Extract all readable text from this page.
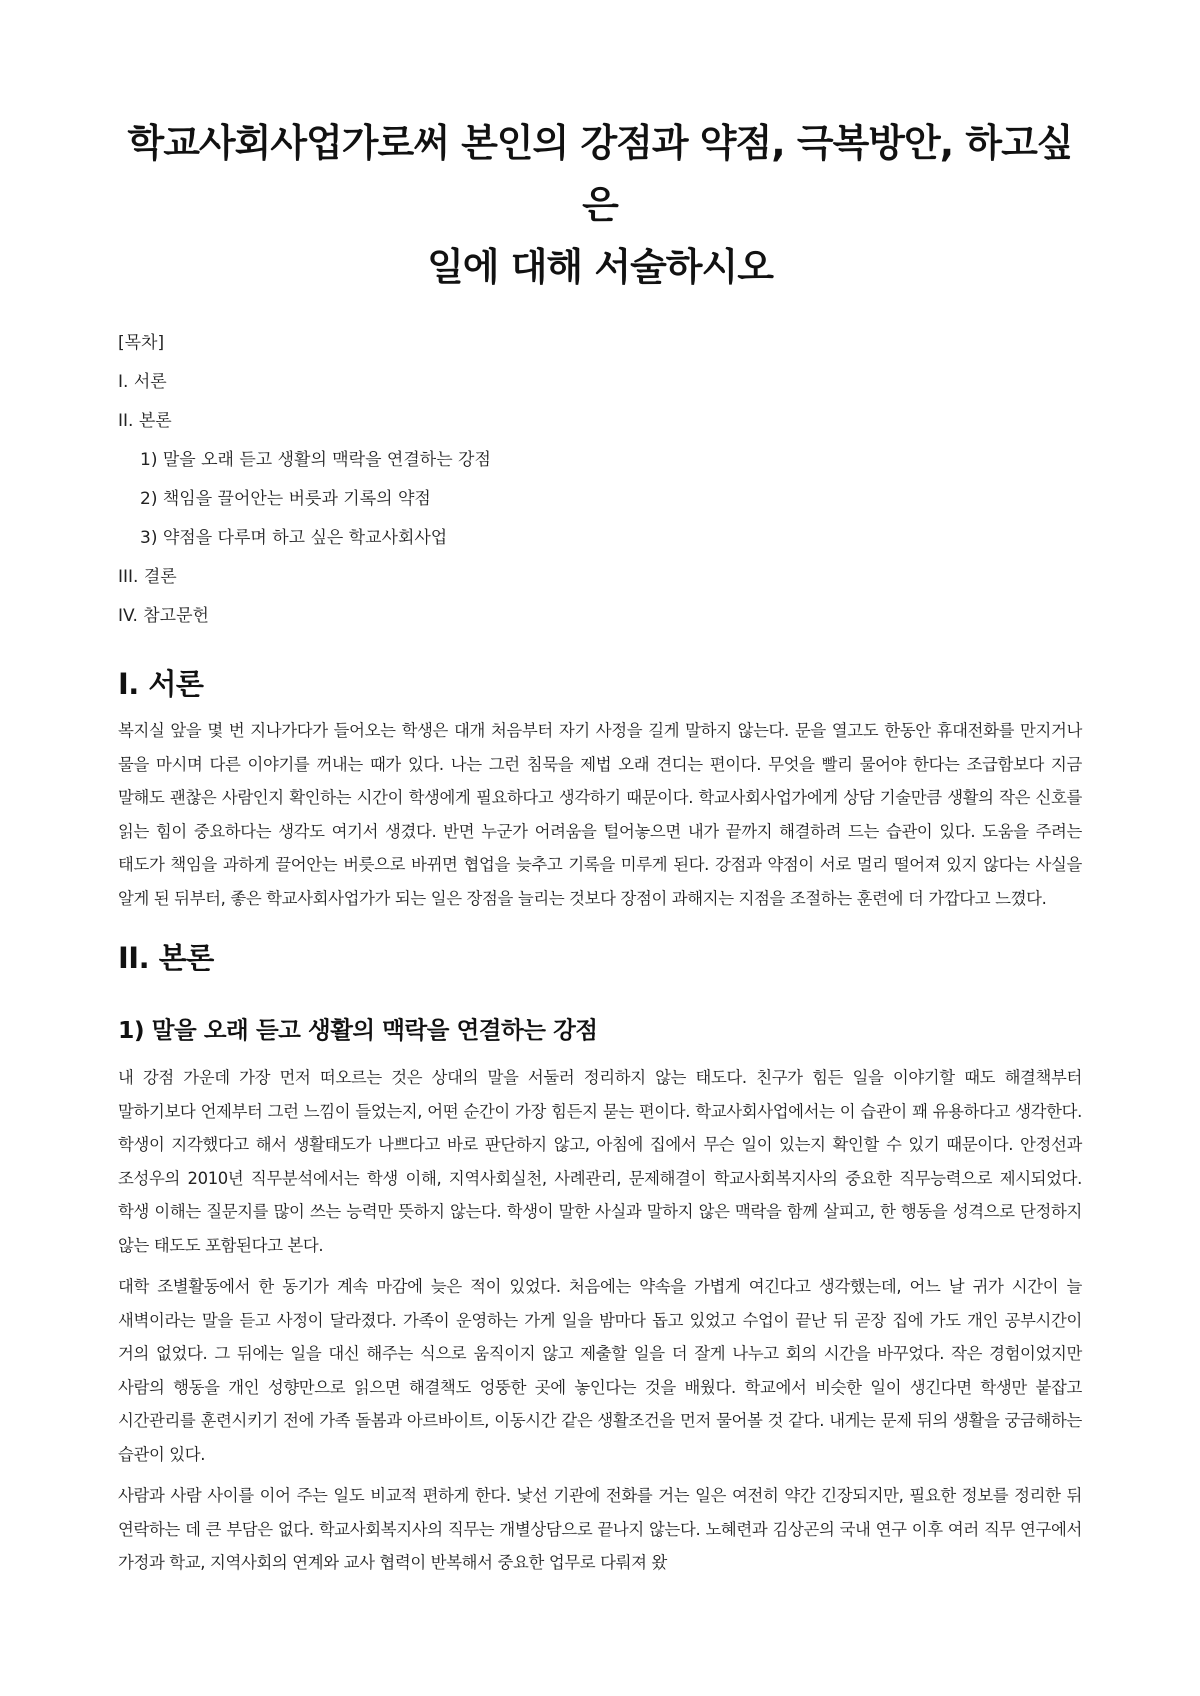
학교사회사업가로써 본인의 강점과 약점, 극복방안, 하고싶은
일에 대해 서술하시오
[목차]
I. 서론
II. 본론
1) 말을 오래 듣고 생활의 맥락을 연결하는 강점
2) 책임을 끌어안는 버릇과 기록의 약점
3) 약점을 다루며 하고 싶은 학교사회사업
III. 결론
IV. 참고문헌
I. 서론

복지실 앞을 몇 번 지나가다가 들어오는 학생은 대개 처음부터 자기 사정을 길게 말하지 않는다. 문을 열고도 한동안 휴대전화를 만지거나 물을 마시며 다른 이야기를 꺼내는 때가 있다. 나는 그런 침묵을 제법 오래 견디는 편이다. 무엇을 빨리 물어야 한다는 조급함보다 지금 말해도 괜찮은 사람인지 확인하는 시간이 학생에게 필요하다고 생각하기 때문이다. 학교사회사업가에게 상담 기술만큼 생활의 작은 신호를 읽는 힘이 중요하다는 생각도 여기서 생겼다. 반면 누군가 어려움을 털어놓으면 내가 끝까지 해결하려 드는 습관이 있다. 도움을 주려는 태도가 책임을 과하게 끌어안는 버릇으로 바뀌면 협업을 늦추고 기록을 미루게 된다. 강점과 약점이 서로 멀리 떨어져 있지 않다는 사실을 알게 된 뒤부터, 좋은 학교사회사업가가 되는 일은 장점을 늘리는 것보다 장점이 과해지는 지점을 조절하는 훈련에 더 가깝다고 느꼈다.

II. 본론
1) 말을 오래 듣고 생활의 맥락을 연결하는 강점

내 강점 가운데 가장 먼저 떠오르는 것은 상대의 말을 서둘러 정리하지 않는 태도다. 친구가 힘든 일을 이야기할 때도 해결책부터 말하기보다 언제부터 그런 느낌이 들었는지, 어떤 순간이 가장 힘든지 묻는 편이다. 학교사회사업에서는 이 습관이 꽤 유용하다고 생각한다. 학생이 지각했다고 해서 생활태도가 나쁘다고 바로 판단하지 않고, 아침에 집에서 무슨 일이 있는지 확인할 수 있기 때문이다. 안정선과 조성우의 2010년 직무분석에서는 학생 이해, 지역사회실천, 사례관리, 문제해결이 학교사회복지사의 중요한 직무능력으로 제시되었다. 학생 이해는 질문지를 많이 쓰는 능력만 뜻하지 않는다. 학생이 말한 사실과 말하지 않은 맥락을 함께 살피고, 한 행동을 성격으로 단정하지 않는 태도도 포함된다고 본다.

대학 조별활동에서 한 동기가 계속 마감에 늦은 적이 있었다. 처음에는 약속을 가볍게 여긴다고 생각했는데, 어느 날 귀가 시간이 늘 새벽이라는 말을 듣고 사정이 달라졌다. 가족이 운영하는 가게 일을 밤마다 돕고 있었고 수업이 끝난 뒤 곧장 집에 가도 개인 공부시간이 거의 없었다. 그 뒤에는 일을 대신 해주는 식으로 움직이지 않고 제출할 일을 더 잘게 나누고 회의 시간을 바꾸었다. 작은 경험이었지만 사람의 행동을 개인 성향만으로 읽으면 해결책도 엉뚱한 곳에 놓인다는 것을 배웠다. 학교에서 비슷한 일이 생긴다면 학생만 붙잡고 시간관리를 훈련시키기 전에 가족 돌봄과 아르바이트, 이동시간 같은 생활조건을 먼저 물어볼 것 같다. 내게는 문제 뒤의 생활을 궁금해하는 습관이 있다.

사람과 사람 사이를 이어 주는 일도 비교적 편하게 한다. 낯선 기관에 전화를 거는 일은 여전히 약간 긴장되지만, 필요한 정보를 정리한 뒤 연락하는 데 큰 부담은 없다. 학교사회복지사의 직무는 개별상담으로 끝나지 않는다. 노혜련과 김상곤의 국내 연구 이후 여러 직무 연구에서 가정과 학교, 지역사회의 연계와 교사 협력이 반복해서 중요한 업무로 다뤄져 왔
